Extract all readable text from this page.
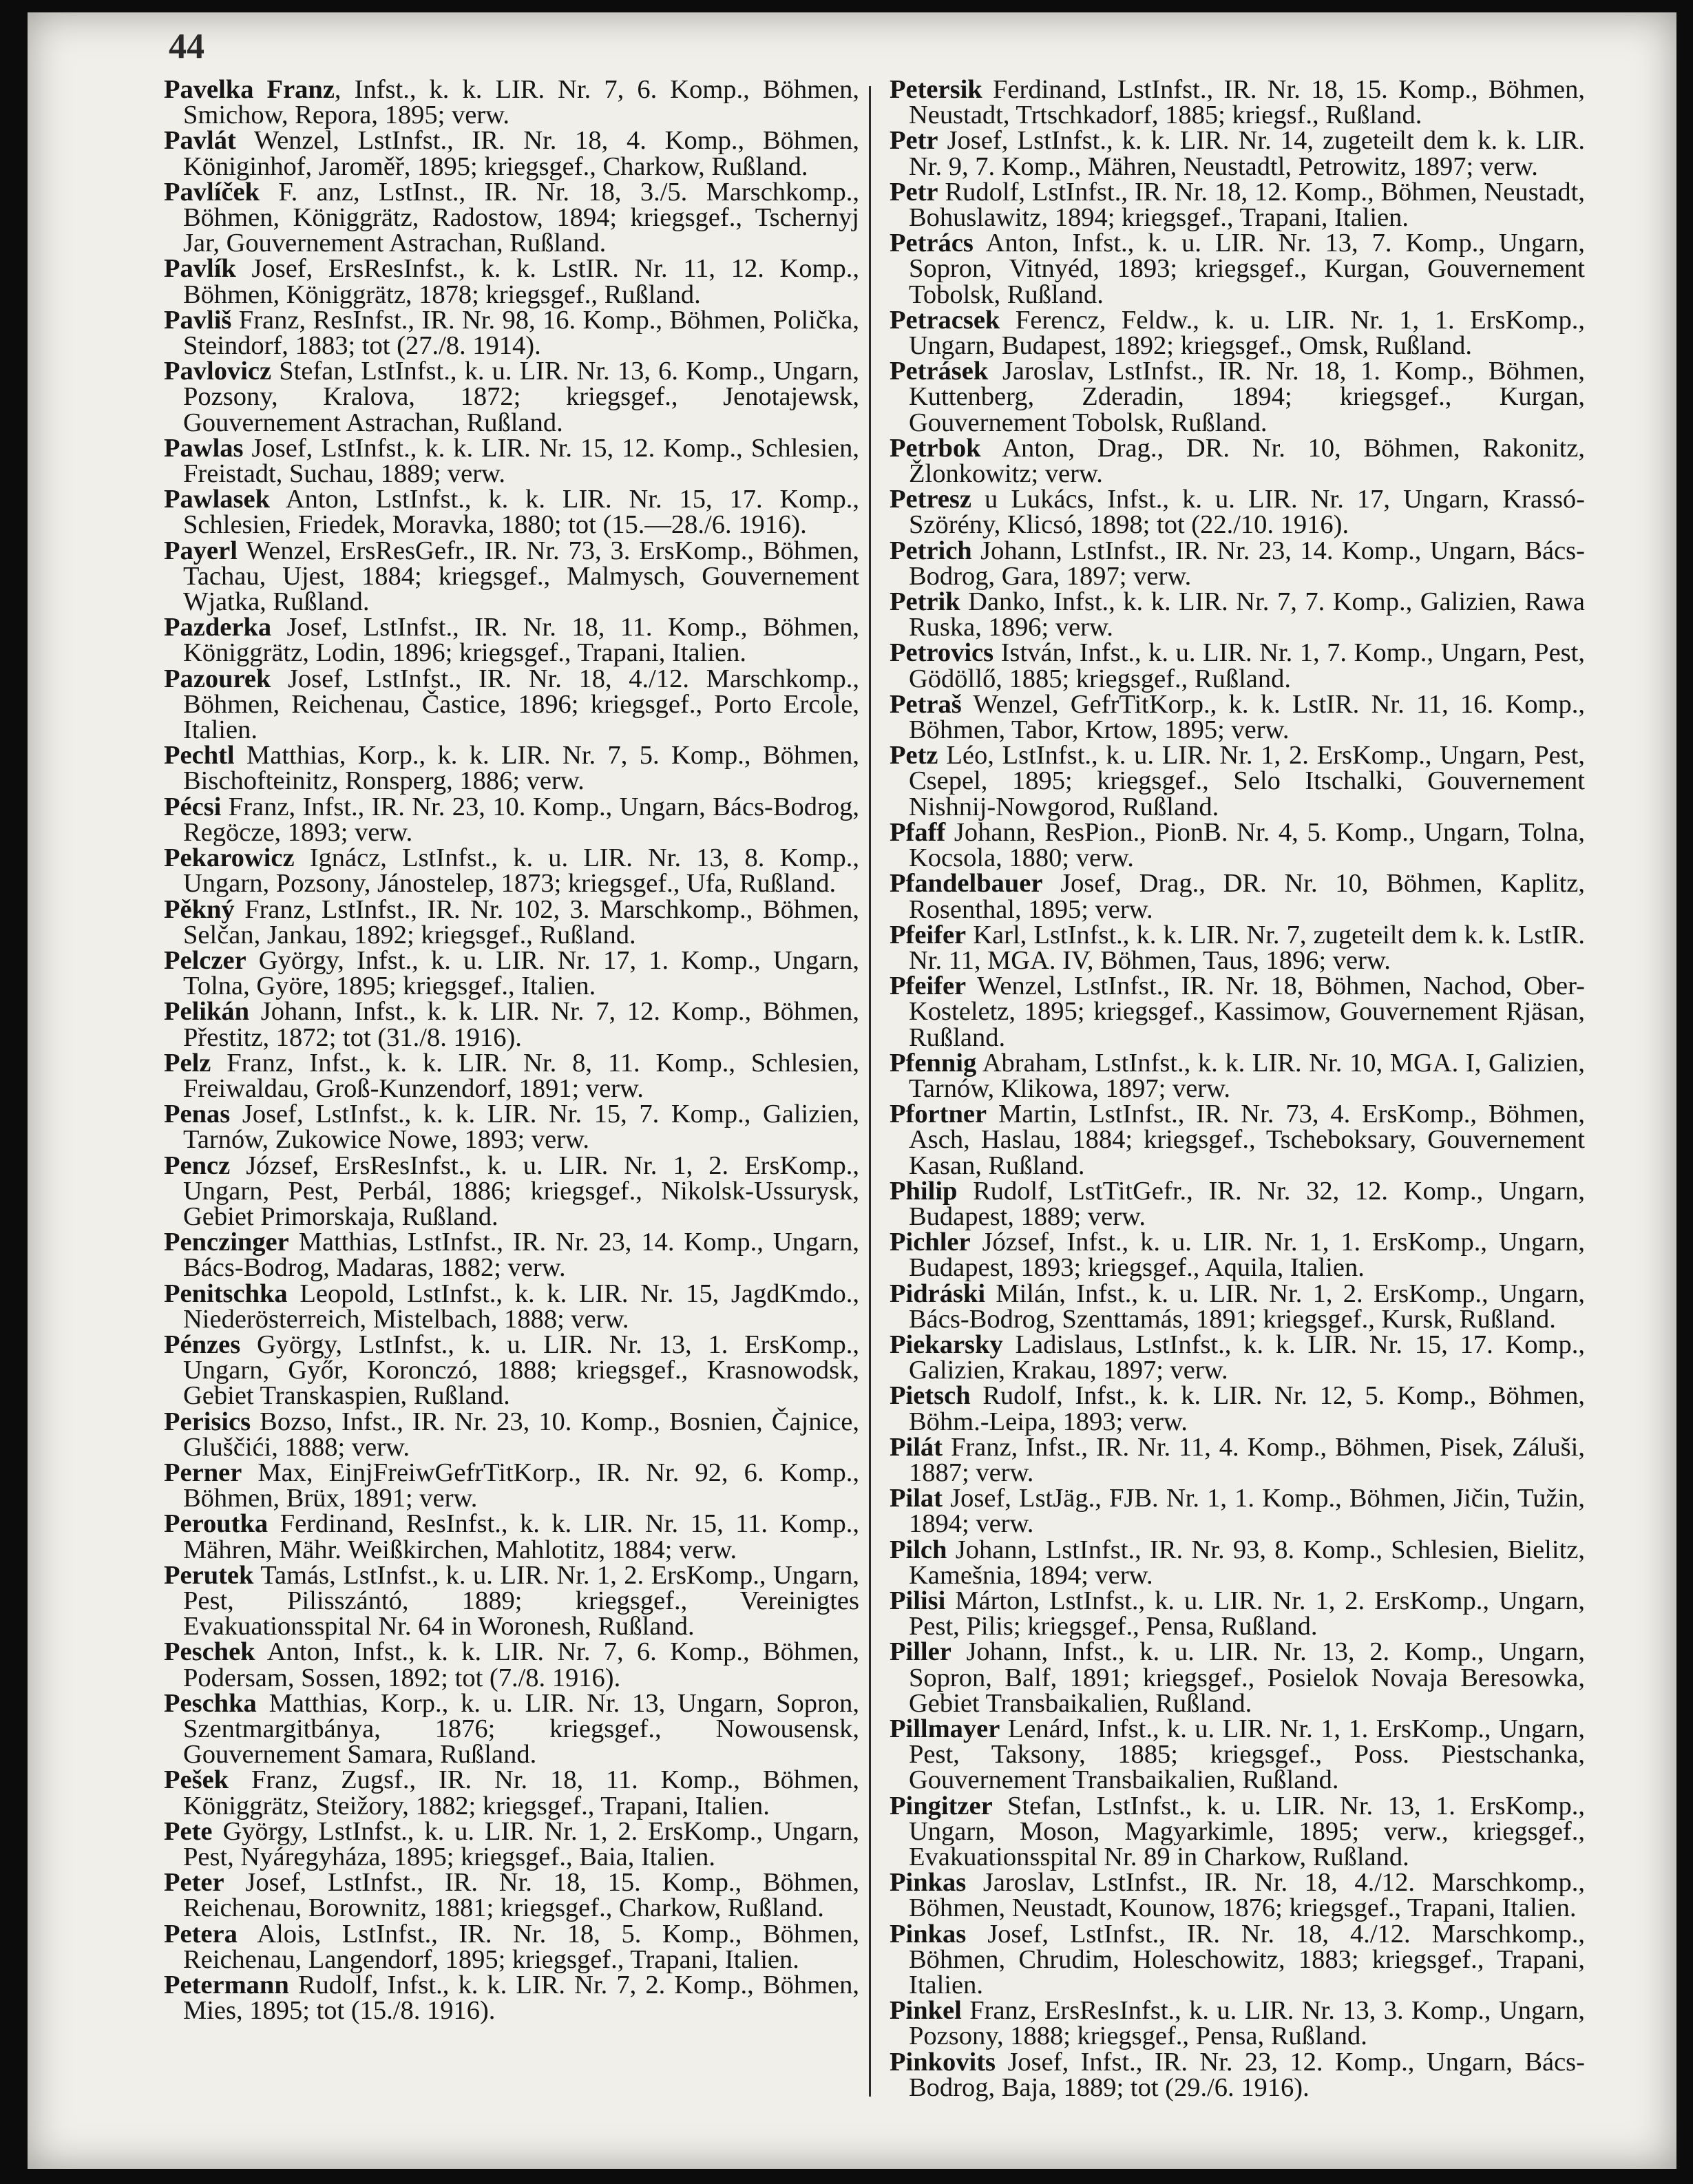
44

Pavelka Franz, Infst., k. k. LIR. Nr. 7, 6. Komp., Böhmen, Smichow, Repora, 1895; verw.

Pavlát Wenzel, LstInfst., IR. Nr. 18, 4. Komp., Böhmen, Königinhof, Jaroměř, 1895; kriegsgef., Charkow, Rußland.

Pavlíček F. anz, LstInst., IR. Nr. 18, 3./5. Marschkomp., Böhmen, Königgrätz, Radostow, 1894; kriegsgef., Tschernyj Jar, Gouvernement Astrachan, Rußland.

Pavlík Josef, ErsResInfst., k. k. LstIR. Nr. 11, 12. Komp., Böhmen, Königgrätz, 1878; kriegsgef., Rußland.

Pavliš Franz, ResInfst., IR. Nr. 98, 16. Komp., Böhmen, Polička, Steindorf, 1883; tot (27./8. 1914).

Pavlovicz Stefan, LstInfst., k. u. LIR. Nr. 13, 6. Komp., Ungarn, Pozsony, Kralova, 1872; kriegsgef., Jenotajewsk, Gouvernement Astrachan, Rußland.

Pawlas Josef, LstInfst., k. k. LIR. Nr. 15, 12. Komp., Schlesien, Freistadt, Suchau, 1889; verw.

Pawlasek Anton, LstInfst., k. k. LIR. Nr. 15, 17. Komp., Schlesien, Friedek, Moravka, 1880; tot (15.—28./6. 1916).

Payerl Wenzel, ErsResGefr., IR. Nr. 73, 3. ErsKomp., Böhmen, Tachau, Ujest, 1884; kriegsgef., Malmysch, Gouvernement Wjatka, Rußland.

Pazderka Josef, LstInfst., IR. Nr. 18, 11. Komp., Böhmen, Königgrätz, Lodin, 1896; kriegsgef., Trapani, Italien.

Pazourek Josef, LstInfst., IR. Nr. 18, 4./12. Marschkomp., Böhmen, Reichenau, Častice, 1896; kriegsgef., Porto Ercole, Italien.

Pechtl Matthias, Korp., k. k. LIR. Nr. 7, 5. Komp., Böhmen, Bischofteinitz, Ronsperg, 1886; verw.

Pécsi Franz, Infst., IR. Nr. 23, 10. Komp., Ungarn, Bács-Bodrog, Regöcze, 1893; verw.

Pekarowicz Ignácz, LstInfst., k. u. LIR. Nr. 13, 8. Komp., Ungarn, Pozsony, Jánostelep, 1873; kriegsgef., Ufa, Rußland.

Pěkný Franz, LstInfst., IR. Nr. 102, 3. Marschkomp., Böhmen, Selčan, Jankau, 1892; kriegsgef., Rußland.

Pelczer György, Infst., k. u. LIR. Nr. 17, 1. Komp., Ungarn, Tolna, Györe, 1895; kriegsgef., Italien.

Pelikán Johann, Infst., k. k. LIR. Nr. 7, 12. Komp., Böhmen, Přestitz, 1872; tot (31./8. 1916).

Pelz Franz, Infst., k. k. LIR. Nr. 8, 11. Komp., Schlesien, Freiwaldau, Groß-Kunzendorf, 1891; verw.

Penas Josef, LstInfst., k. k. LIR. Nr. 15, 7. Komp., Galizien, Tarnów, Zukowice Nowe, 1893; verw.

Pencz József, ErsResInfst., k. u. LIR. Nr. 1, 2. ErsKomp., Ungarn, Pest, Perbál, 1886; kriegsgef., Nikolsk-Ussurysk, Gebiet Primorskaja, Rußland.

Penczinger Matthias, LstInfst., IR. Nr. 23, 14. Komp., Ungarn, Bács-Bodrog, Madaras, 1882; verw.

Penitschka Leopold, LstInfst., k. k. LIR. Nr. 15, JagdKmdo., Niederösterreich, Mistelbach, 1888; verw.

Pénzes György, LstInfst., k. u. LIR. Nr. 13, 1. ErsKomp., Ungarn, Győr, Koronczó, 1888; kriegsgef., Krasnowodsk, Gebiet Transkaspien, Rußland.

Perisics Bozso, Infst., IR. Nr. 23, 10. Komp., Bosnien, Čajnice, Gluščići, 1888; verw.

Perner Max, EinjFreiwGefrTitKorp., IR. Nr. 92, 6. Komp., Böhmen, Brüx, 1891; verw.

Peroutka Ferdinand, ResInfst., k. k. LIR. Nr. 15, 11. Komp., Mähren, Mähr. Weißkirchen, Mahlotitz, 1884; verw.

Perutek Tamás, LstInfst., k. u. LIR. Nr. 1, 2. ErsKomp., Ungarn, Pest, Pilisszántó, 1889; kriegsgef., Vereinigtes Evakuationsspital Nr. 64 in Woronesh, Rußland.

Peschek Anton, Infst., k. k. LIR. Nr. 7, 6. Komp., Böhmen, Podersam, Sossen, 1892; tot (7./8. 1916).

Peschka Matthias, Korp., k. u. LIR. Nr. 13, Ungarn, Sopron, Szentmargitbánya, 1876; kriegsgef., Nowousensk, Gouvernement Samara, Rußland.

Pešek Franz, Zugsf., IR. Nr. 18, 11. Komp., Böhmen, Königgrätz, Steižory, 1882; kriegsgef., Trapani, Italien.

Pete György, LstInfst., k. u. LIR. Nr. 1, 2. ErsKomp., Ungarn, Pest, Nyáregyháza, 1895; kriegsgef., Baia, Italien.

Peter Josef, LstInfst., IR. Nr. 18, 15. Komp., Böhmen, Reichenau, Borownitz, 1881; kriegsgef., Charkow, Rußland.

Petera Alois, LstInfst., IR. Nr. 18, 5. Komp., Böhmen, Reichenau, Langendorf, 1895; kriegsgef., Trapani, Italien.

Petermann Rudolf, Infst., k. k. LIR. Nr. 7, 2. Komp., Böhmen, Mies, 1895; tot (15./8. 1916).

Petersik Ferdinand, LstInfst., IR. Nr. 18, 15. Komp., Böhmen, Neustadt, Trtschkadorf, 1885; kriegsf., Rußland.

Petr Josef, LstInfst., k. k. LIR. Nr. 14, zugeteilt dem k. k. LIR. Nr. 9, 7. Komp., Mähren, Neustadtl, Petrowitz, 1897; verw.

Petr Rudolf, LstInfst., IR. Nr. 18, 12. Komp., Böhmen, Neustadt, Bohuslawitz, 1894; kriegsgef., Trapani, Italien.

Petrács Anton, Infst., k. u. LIR. Nr. 13, 7. Komp., Ungarn, Sopron, Vitnyéd, 1893; kriegsgef., Kurgan, Gouvernement Tobolsk, Rußland.

Petracsek Ferencz, Feldw., k. u. LIR. Nr. 1, 1. ErsKomp., Ungarn, Budapest, 1892; kriegsgef., Omsk, Rußland.

Petrásek Jaroslav, LstInfst., IR. Nr. 18, 1. Komp., Böhmen, Kuttenberg, Zderadin, 1894; kriegsgef., Kurgan, Gouvernement Tobolsk, Rußland.

Petrbok Anton, Drag., DR. Nr. 10, Böhmen, Rakonitz, Žlonkowitz; verw.

Petresz u Lukács, Infst., k. u. LIR. Nr. 17, Ungarn, Krassó-Szörény, Klicsó, 1898; tot (22./10. 1916).

Petrich Johann, LstInfst., IR. Nr. 23, 14. Komp., Ungarn, Bács-Bodrog, Gara, 1897; verw.

Petrik Danko, Infst., k. k. LIR. Nr. 7, 7. Komp., Galizien, Rawa Ruska, 1896; verw.

Petrovics István, Infst., k. u. LIR. Nr. 1, 7. Komp., Ungarn, Pest, Gödöllő, 1885; kriegsgef., Rußland.

Petraš Wenzel, GefrTitKorp., k. k. LstIR. Nr. 11, 16. Komp., Böhmen, Tabor, Krtow, 1895; verw.

Petz Léo, LstInfst., k. u. LIR. Nr. 1, 2. ErsKomp., Ungarn, Pest, Csepel, 1895; kriegsgef., Selo Itschalki, Gouvernement Nishnij-Nowgorod, Rußland.

Pfaff Johann, ResPion., PionB. Nr. 4, 5. Komp., Ungarn, Tolna, Kocsola, 1880; verw.

Pfandelbauer Josef, Drag., DR. Nr. 10, Böhmen, Kaplitz, Rosenthal, 1895; verw.

Pfeifer Karl, LstInfst., k. k. LIR. Nr. 7, zugeteilt dem k. k. LstIR. Nr. 11, MGA. IV, Böhmen, Taus, 1896; verw.

Pfeifer Wenzel, LstInfst., IR. Nr. 18, Böhmen, Nachod, Ober-Kosteletz, 1895; kriegsgef., Kassimow, Gouvernement Rjäsan, Rußland.

Pfennig Abraham, LstInfst., k. k. LIR. Nr. 10, MGA. I, Galizien, Tarnów, Klikowa, 1897; verw.

Pfortner Martin, LstInfst., IR. Nr. 73, 4. ErsKomp., Böhmen, Asch, Haslau, 1884; kriegsgef., Tscheboksary, Gouvernement Kasan, Rußland.

Philip Rudolf, LstTitGefr., IR. Nr. 32, 12. Komp., Ungarn, Budapest, 1889; verw.

Pichler József, Infst., k. u. LIR. Nr. 1, 1. ErsKomp., Ungarn, Budapest, 1893; kriegsgef., Aquila, Italien.

Pidráski Milán, Infst., k. u. LIR. Nr. 1, 2. ErsKomp., Ungarn, Bács-Bodrog, Szenttamás, 1891; kriegsgef., Kursk, Rußland.

Piekarsky Ladislaus, LstInfst., k. k. LIR. Nr. 15, 17. Komp., Galizien, Krakau, 1897; verw.

Pietsch Rudolf, Infst., k. k. LIR. Nr. 12, 5. Komp., Böhmen, Böhm.-Leipa, 1893; verw.

Pilát Franz, Infst., IR. Nr. 11, 4. Komp., Böhmen, Pisek, Záluši, 1887; verw.

Pilat Josef, LstJäg., FJB. Nr. 1, 1. Komp., Böhmen, Jičin, Tužin, 1894; verw.

Pilch Johann, LstInfst., IR. Nr. 93, 8. Komp., Schlesien, Bielitz, Kamešnia, 1894; verw.

Pilisi Márton, LstInfst., k. u. LIR. Nr. 1, 2. ErsKomp., Ungarn, Pest, Pilis; kriegsgef., Pensa, Rußland.

Piller Johann, Infst., k. u. LIR. Nr. 13, 2. Komp., Ungarn, Sopron, Balf, 1891; kriegsgef., Posielok Novaja Beresowka, Gebiet Transbaikalien, Rußland.

Pillmayer Lenárd, Infst., k. u. LIR. Nr. 1, 1. ErsKomp., Ungarn, Pest, Taksony, 1885; kriegsgef., Poss. Piestschanka, Gouvernement Transbaikalien, Rußland.

Pingitzer Stefan, LstInfst., k. u. LIR. Nr. 13, 1. ErsKomp., Ungarn, Moson, Magyarkimle, 1895; verw., kriegsgef., Evakuationsspital Nr. 89 in Charkow, Rußland.

Pinkas Jaroslav, LstInfst., IR. Nr. 18, 4./12. Marschkomp., Böhmen, Neustadt, Kounow, 1876; kriegsgef., Trapani, Italien.

Pinkas Josef, LstInfst., IR. Nr. 18, 4./12. Marschkomp., Böhmen, Chrudim, Holeschowitz, 1883; kriegsgef., Trapani, Italien.

Pinkel Franz, ErsResInfst., k. u. LIR. Nr. 13, 3. Komp., Ungarn, Pozsony, 1888; kriegsgef., Pensa, Rußland.

Pinkovits Josef, Infst., IR. Nr. 23, 12. Komp., Ungarn, Bács-Bodrog, Baja, 1889; tot (29./6. 1916).
